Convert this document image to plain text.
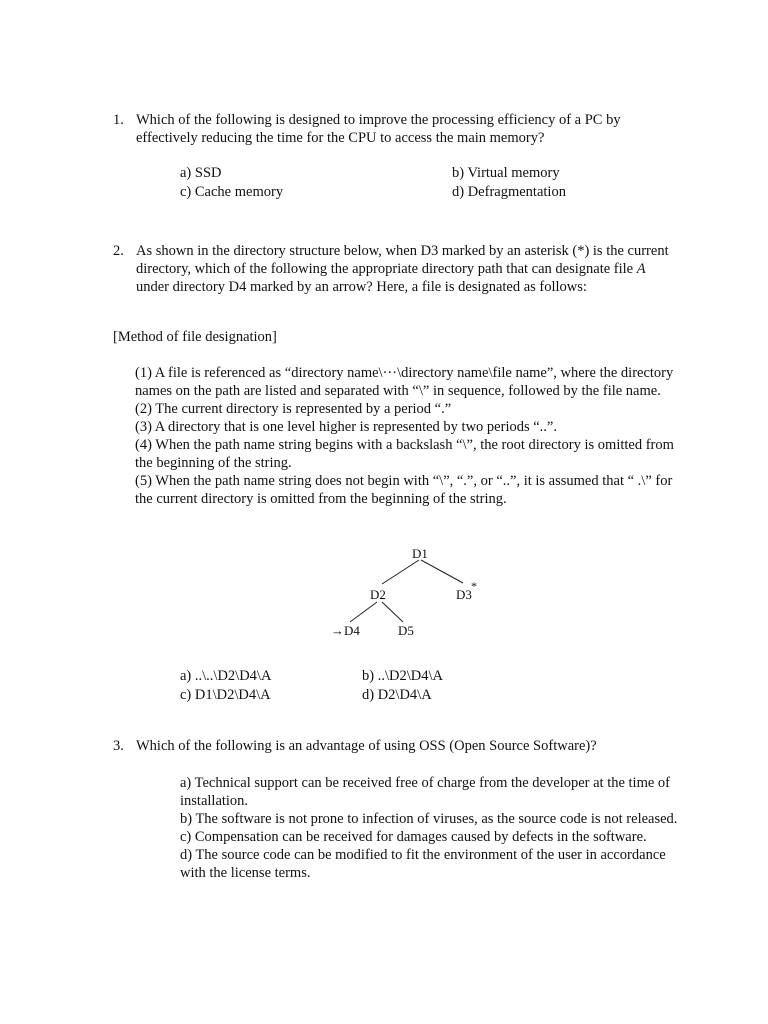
1. Which of the following is designed to improve the processing efficiency of a PC by effectively reducing the time for the CPU to access the main memory?
a) SSD	b) Virtual memory
c) Cache memory	d) Defragmentation
2. As shown in the directory structure below, when D3 marked by an asterisk (*) is the current directory, which of the following the appropriate directory path that can designate file A under directory D4 marked by an arrow? Here, a file is designated as follows:
[Method of file designation]

(1) A file is referenced as “directory name\···\directory name\file name”, where the directory names on the path are listed and separated with “\” in sequence, followed by the file name.

(2) The current directory is represented by a period “.”

(3) A directory that is one level higher is represented by two periods “..”.

(4) When the path name string begins with a backslash “\”, the root directory is omitted from the beginning of the string.

(5) When the path name string does not begin with “\”, “.”, or “..”, it is assumed that “ .\” for the current directory is omitted from the beginning of the string.

D1
D2	D3
*
→ D4	D5
a) ..\..\D2\D4\A	b) ..\D2\D4\A
c) D1\D2\D4\A	d) D2\D4\A
3. Which of the following is an advantage of using OSS (Open Source Software)?

a) Technical support can be received free of charge from the developer at the time of installation.

b) The software is not prone to infection of viruses, as the source code is not released.

c) Compensation can be received for damages caused by defects in the software.

d) The source code can be modified to fit the environment of the user in accordance with the license terms.
